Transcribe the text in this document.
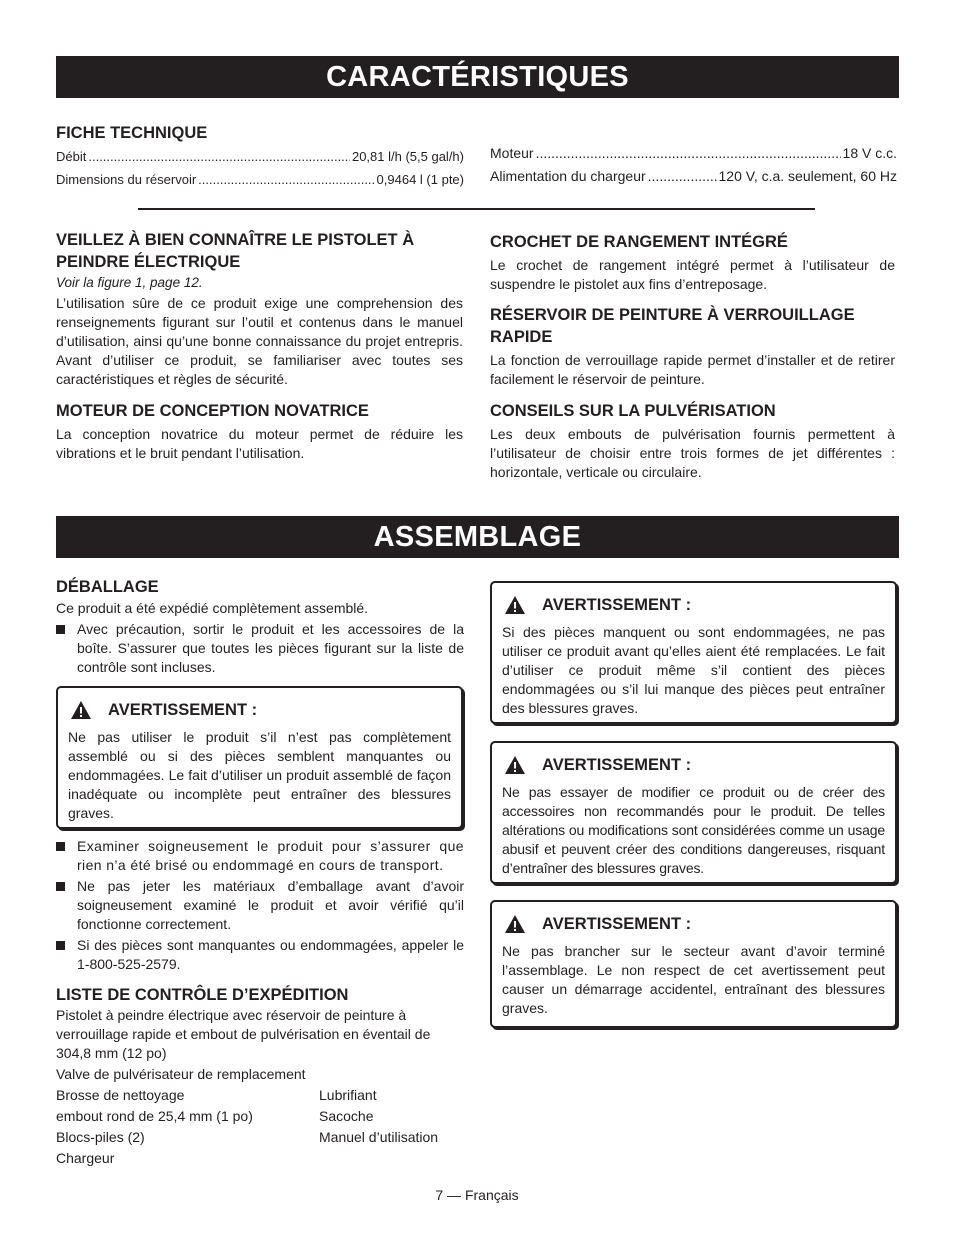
CARACTÉRISTIQUES
FICHE TECHNIQUE
Débit .....	20,81 l/h (5,5 gal/h)
Dimensions du réservoir .....	0,9464 l (1 pte)
Moteur .....	18 V c.c.
Alimentation du chargeur .....	120 V, c.a. seulement, 60 Hz
VEILLEZ À BIEN CONNAÎTRE LE PISTOLET À PEINDRE ÉLECTRIQUE
Voir la figure 1, page 12.

L’utilisation sûre de ce produit exige une comprehension des renseignements figurant sur l’outil et contenus dans le manuel d’utilisation, ainsi qu’une bonne connaissance du projet entrepris. Avant d’utiliser ce produit, se familiariser avec toutes ses caractéristiques et règles de sécurité.

MOTEUR DE CONCEPTION NOVATRICE

La conception novatrice du moteur permet de réduire les vibrations et le bruit pendant l’utilisation.

CROCHET DE RANGEMENT INTÉGRÉ

Le crochet de rangement intégré permet à l’utilisateur de suspendre le pistolet aux fins d’entreposage.

RÉSERVOIR DE PEINTURE À VERROUILLAGE RAPIDE

La fonction de verrouillage rapide permet d’installer et de retirer facilement le réservoir de peinture.

CONSEILS SUR LA PULVÉRISATION

Les deux embouts de pulvérisation fournis permettent à l’utilisateur de choisir entre trois formes de jet différentes : horizontale, verticale ou circulaire.

ASSEMBLAGE
DÉBALLAGE

Ce produit a été expédié complètement assemblé.

Avec précaution, sortir le produit et les accessoires de la boîte. S’assurer que toutes les pièces figurant sur la liste de contrôle sont incluses.
AVERTISSEMENT :

Ne pas utiliser le produit s’il n’est pas complètement assemblé ou si des pièces semblent manquantes ou endommagées. Le fait d’utiliser un produit assemblé de façon inadéquate ou incomplète peut entraîner des blessures graves.

Examiner soigneusement le produit pour s’assurer que rien n’a été brisé ou endommagé en cours de transport.
Ne pas jeter les matériaux d’emballage avant d’avoir soigneusement examiné le produit et avoir vérifié qu’il fonctionne correctement.
Si des pièces sont manquantes ou endommagées, appeler le 1-800-525-2579.
LISTE DE CONTRÔLE D’EXPÉDITION
Pistolet à peindre électrique avec réservoir de peinture à verrouillage rapide et embout de pulvérisation en éventail de 304,8 mm (12 po)
Valve de pulvérisateur de remplacement
Brosse de nettoyage	Lubrifiant
embout rond de 25,4 mm (1 po)	Sacoche
Blocs-piles (2)	Manuel d’utilisation
Chargeur
AVERTISSEMENT :

Si des pièces manquent ou sont endommagées, ne pas utiliser ce produit avant qu’elles aient été remplacées. Le fait d’utiliser ce produit même s’il contient des pièces endommagées ou s’il lui manque des pièces peut entraîner des blessures graves.

AVERTISSEMENT :

Ne pas essayer de modifier ce produit ou de créer des accessoires non recommandés pour le produit. De telles altérations ou modifications sont considérées comme un usage abusif et peuvent créer des conditions dangereuses, risquant d’entraîner des blessures graves.

AVERTISSEMENT :

Ne pas brancher sur le secteur avant d’avoir terminé l’assemblage. Le non respect de cet avertissement peut causer un démarrage accidentel, entraînant des blessures graves.

7 — Français
